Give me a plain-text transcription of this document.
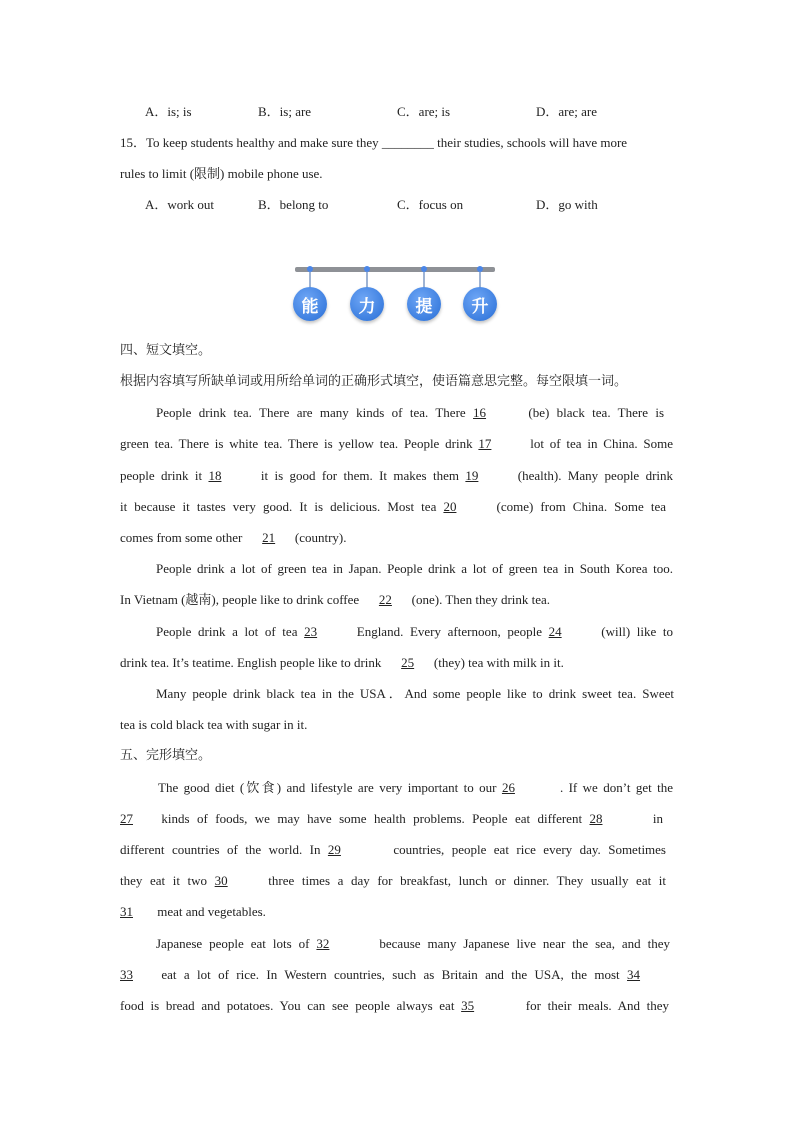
A．is; is	B．is; are	C．are; is	D．are; are
15．To keep students healthy and make sure they ________ their studies, schools will have more
rules to limit (限制) mobile phone use.
A．work out	B．belong to	C．focus on	D．go with
能	力	提	升
四、短文填空。
根据内容填写所缺单词或用所给单词的正确形式填空，使语篇意思完整。每空限填一词。
People drink tea. There are many kinds of tea. There 16	(be) black tea. There is
green tea. There is white tea. There is yellow tea. People drink 17	lot of tea in China. Some
people drink it 18	it is good for them. It makes them 19	(health). Many people drink
it because it tastes very good. It is delicious. Most tea 20	(come) from China. Some tea
comes from some other 21 (country).
People drink a lot of green tea in Japan. People drink a lot of green tea in South Korea too.
In Vietnam (越南), people like to drink coffee 22 (one). Then they drink tea.
People drink a lot of tea 23	England. Every afternoon, people 24	(will) like to
drink tea. It’s teatime. English people like to drink 25 (they) tea with milk in it.
Many people drink black tea in the USA．And some people like to drink sweet tea. Sweet
tea is cold black tea with sugar in it.
五、完形填空。
The good diet (饮食) and lifestyle are very important to our 26	. If we don’t get the
27 kinds of foods, we may have some health problems. People eat different 28	in
different countries of the world. In 29	countries, people eat rice every day. Sometimes
they eat it two 30	three times a day for breakfast, lunch or dinner. They usually eat it
31 meat and vegetables.
Japanese people eat lots of 32	because many Japanese live near the sea, and they
33 eat a lot of rice. In Western countries, such as Britain and the USA, the most 34
food is bread and potatoes. You can see people always eat 35	for their meals. And they
